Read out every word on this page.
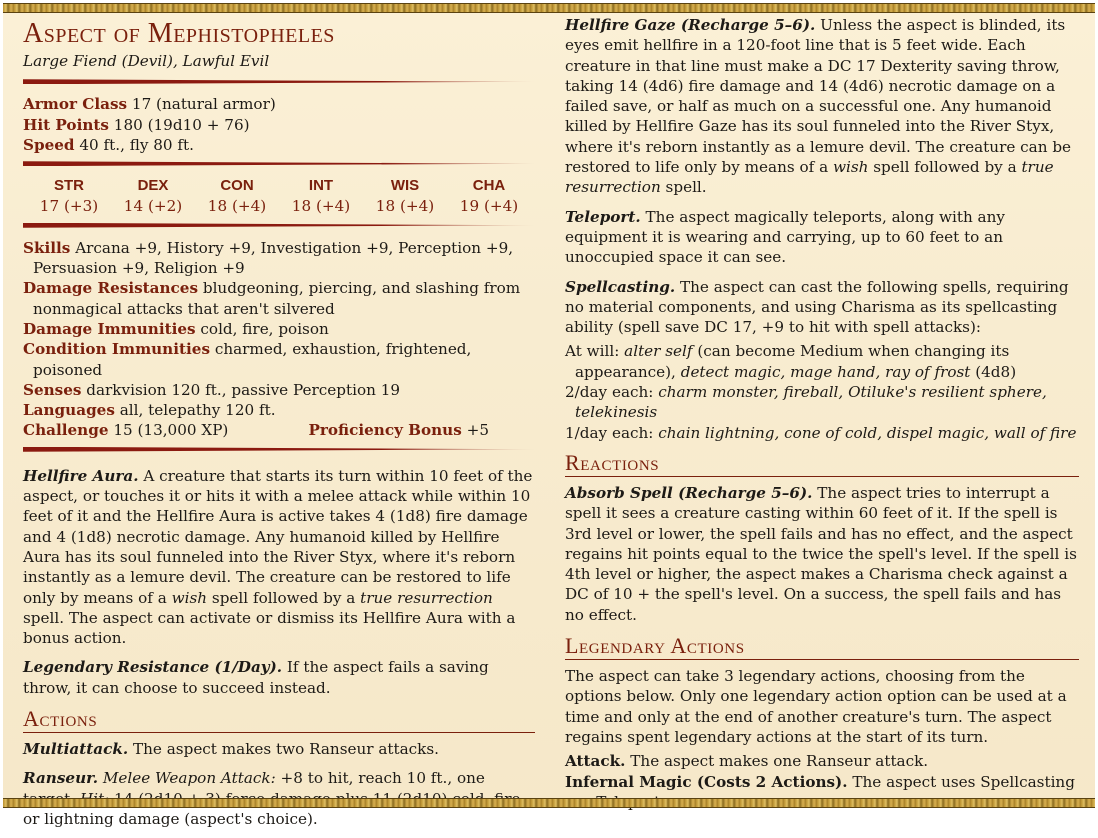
Aspect of Mephistopheles
Large Fiend (Devil), Lawful Evil
Armor Class 17 (natural armor)
Hit Points 180 (19d10 + 76)
Speed 40 ft., fly 80 ft.
STR
17 (+3)
DEX
14 (+2)
CON
18 (+4)
INT
18 (+4)
WIS
18 (+4)
CHA
19 (+4)
Skills Arcana +9, History +9, Investigation +9, Perception +9, Persuasion +9, Religion +9
Damage Resistances bludgeoning, piercing, and slashing from nonmagical attacks that aren't silvered
Damage Immunities cold, fire, poison
Condition Immunities charmed, exhaustion, frightened, poisoned
Senses darkvision 120 ft., passive Perception 19
Languages all, telepathy 120 ft.
Challenge 15 (13,000 XP)	Proficiency Bonus +5

Hellfire Aura. A creature that starts its turn within 10 feet of the aspect, or touches it or hits it with a melee attack while within 10 feet of it and the Hellfire Aura is active takes 4 (1d8) fire damage and 4 (1d8) necrotic damage. Any humanoid killed by Hellfire Aura has its soul funneled into the River Styx, where it's reborn instantly as a lemure devil. The creature can be restored to life only by means of a wish spell followed by a true resurrection spell. The aspect can activate or dismiss its Hellfire Aura with a bonus action.

Legendary Resistance (1/Day). If the aspect fails a saving throw, it can choose to succeed instead.

Actions

Multiattack. The aspect makes two Ranseur attacks.

Ranseur. Melee Weapon Attack: +8 to hit, reach 10 ft., one or lightning damage (aspect's choice).

Hellfire Gaze (Recharge 5–6). Unless the aspect is blinded, its eyes emit hellfire in a 120-foot line that is 5 feet wide. Each creature in that line must make a DC 17 Dexterity saving throw, taking 14 (4d6) fire damage and 14 (4d6) necrotic damage on a failed save, or half as much on a successful one. Any humanoid killed by Hellfire Gaze has its soul funneled into the River Styx, where it's reborn instantly as a lemure devil. The creature can be restored to life only by means of a wish spell followed by a true resurrection spell.

Teleport. The aspect magically teleports, along with any equipment it is wearing and carrying, up to 60 feet to an unoccupied space it can see.

Spellcasting. The aspect can cast the following spells, requiring no material components, and using Charisma as its spellcasting ability (spell save DC 17, +9 to hit with spell attacks):

At will: alter self (can become Medium when changing its appearance), detect magic, mage hand, ray of frost (4d8)
2/day each: charm monster, fireball, Otiluke's resilient sphere, telekinesis
1/day each: chain lightning, cone of cold, dispel magic, wall of fire
Reactions

Absorb Spell (Recharge 5–6). The aspect tries to interrupt a spell it sees a creature casting within 60 feet of it. If the spell is 3rd level or lower, the spell fails and has no effect, and the aspect regains hit points equal to the twice the spell's level. If the spell is 4th level or higher, the aspect makes a Charisma check against a DC of 10 + the spell's level. On a success, the spell fails and has no effect.

Legendary Actions

The aspect can take 3 legendary actions, choosing from the options below. Only one legendary action option can be used at a time and only at the end of another creature's turn. The aspect regains spent legendary actions at the start of its turn.

Attack. The aspect makes one Ranseur attack.
Infernal Magic (Costs 2 Actions). The aspect uses Spellcasting
